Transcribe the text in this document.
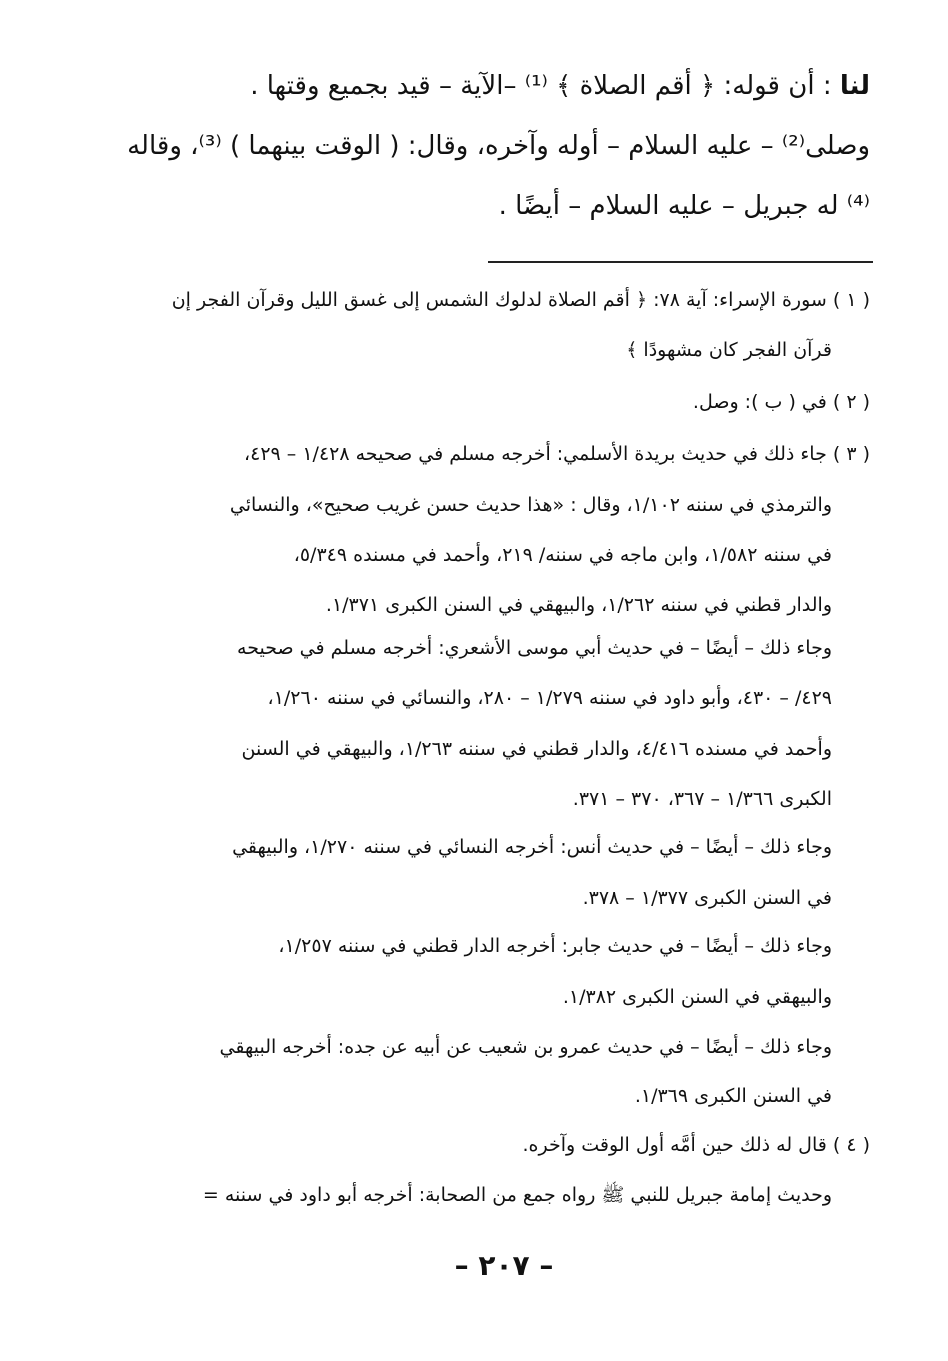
لنا : أن قوله: ﴿ أقم الصلاة ﴾ ⁽¹⁾ –الآية – قيد بجميع وقتها .
وصلى⁽²⁾ – عليه السلام – أوله وآخره، وقال: ( الوقت بينهما ) ⁽³⁾، وقاله
⁽⁴⁾ له جبريل – عليه السلام – أيضًا .
( ١ ) سورة الإسراء: آية ٧٨: ﴿ أقم الصلاة لدلوك الشمس إلى غسق الليل وقرآن الفجر إن
قرآن الفجر كان مشهودًا ﴾
( ٢ ) في ( ب ): وصل.
( ٣ ) جاء ذلك في حديث بريدة الأسلمي: أخرجه مسلم في صحيحه ١/٤٢٨ – ٤٢٩،
والترمذي في سننه ١/١٠٢، وقال : «هذا حديث حسن غريب صحيح»، والنسائي
في سننه ١/٥٨٢، وابن ماجه في سننه/ ٢١٩، وأحمد في مسنده ٥/٣٤٩،
والدار قطني في سننه ١/٢٦٢، والبيهقي في السنن الكبرى ١/٣٧١.
وجاء ذلك – أيضًا – في حديث أبي موسى الأشعري: أخرجه مسلم في صحيحه
٤٢٩/ – ٤٣٠، وأبو داود في سننه ١/٢٧٩ – ٢٨٠، والنسائي في سننه ١/٢٦٠،
وأحمد في مسنده ٤/٤١٦، والدار قطني في سننه ١/٢٦٣، والبيهقي في السنن
الكبرى ١/٣٦٦ – ٣٦٧، ٣٧٠ – ٣٧١.
وجاء ذلك – أيضًا – في حديث أنس: أخرجه النسائي في سننه ١/٢٧٠، والبيهقي
في السنن الكبرى ١/٣٧٧ – ٣٧٨.
وجاء ذلك – أيضًا – في حديث جابر: أخرجه الدار قطني في سننه ١/٢٥٧،
والبيهقي في السنن الكبرى ١/٣٨٢.
وجاء ذلك – أيضًا – في حديث عمرو بن شعيب عن أبيه عن جده: أخرجه البيهقي
في السنن الكبرى ١/٣٦٩.
( ٤ ) قال له ذلك حين أمَّه أول الوقت وآخره.
وحديث إمامة جبريل للنبي ﷺ رواه جمع من الصحابة: أخرجه أبو داود في سننه =
– ٢٠٧ –
